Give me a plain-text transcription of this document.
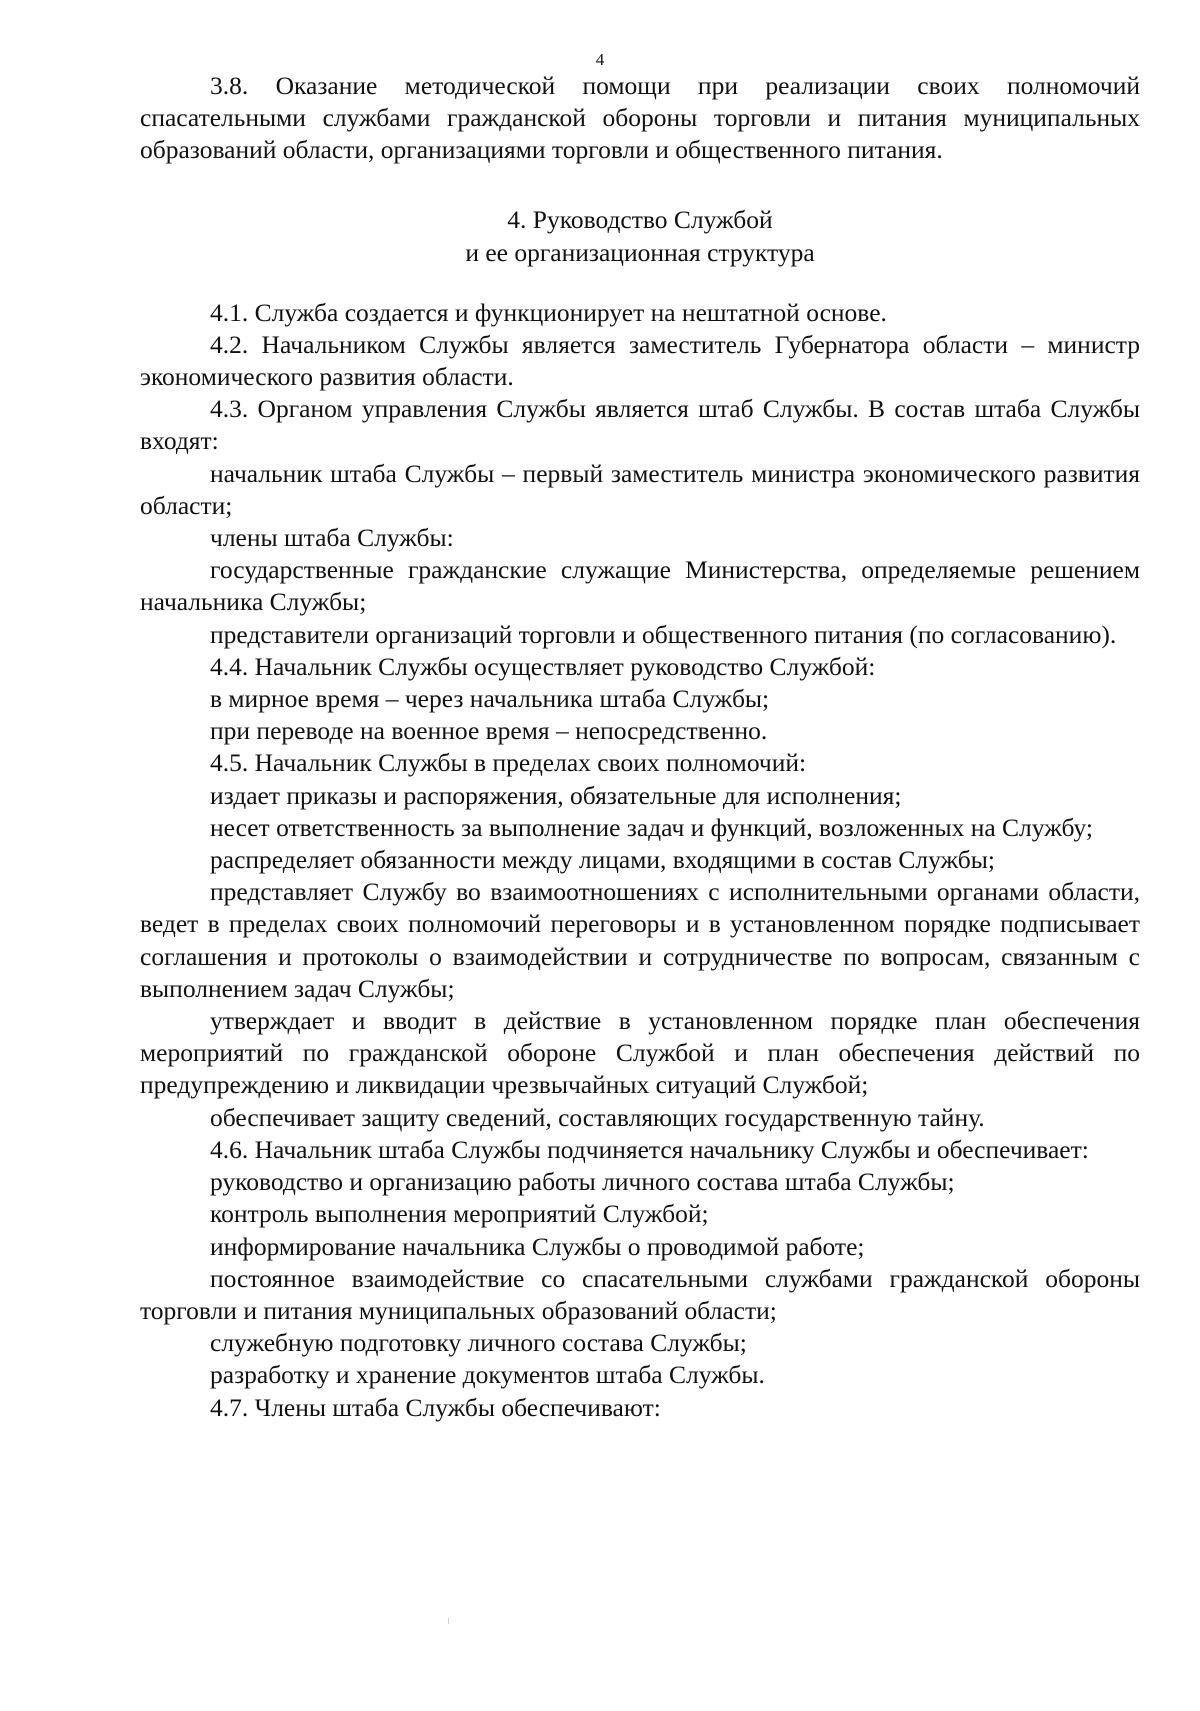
4

3.8. Оказание методической помощи при реализации своих полномочий спасательными службами гражданской обороны торговли и питания муниципальных образований области, организациями торговли и общественного питания.

4. Руководство Службой
и ее организационная структура

4.1. Служба создается и функционирует на нештатной основе.

4.2. Начальником Службы является заместитель Губернатора области – министр экономического развития области.

4.3. Органом управления Службы является штаб Службы. В состав штаба Службы входят:

начальник штаба Службы – первый заместитель министра экономического развития области;

члены штаба Службы:

государственные гражданские служащие Министерства, определяемые решением начальника Службы;

представители организаций торговли и общественного питания (по согласованию).

4.4. Начальник Службы осуществляет руководство Службой:

в мирное время – через начальника штаба Службы;

при переводе на военное время – непосредственно.

4.5. Начальник Службы в пределах своих полномочий:

издает приказы и распоряжения, обязательные для исполнения;

несет ответственность за выполнение задач и функций, возложенных на Службу;

распределяет обязанности между лицами, входящими в состав Службы;

представляет Службу во взаимоотношениях с исполнительными органами области, ведет в пределах своих полномочий переговоры и в установленном порядке подписывает соглашения и протоколы о взаимодействии и сотрудничестве по вопросам, связанным с выполнением задач Службы;

утверждает и вводит в действие в установленном порядке план обеспечения мероприятий по гражданской обороне Службой и план обеспечения действий по предупреждению и ликвидации чрезвычайных ситуаций Службой;

обеспечивает защиту сведений, составляющих государственную тайну.

4.6. Начальник штаба Службы подчиняется начальнику Службы и обеспечивает:

руководство и организацию работы личного состава штаба Службы;

контроль выполнения мероприятий Службой;

информирование начальника Службы о проводимой работе;

постоянное взаимодействие со спасательными службами гражданской обороны торговли и питания муниципальных образований области;

служебную подготовку личного состава Службы;

разработку и хранение документов штаба Службы.

4.7. Члены штаба Службы обеспечивают:
